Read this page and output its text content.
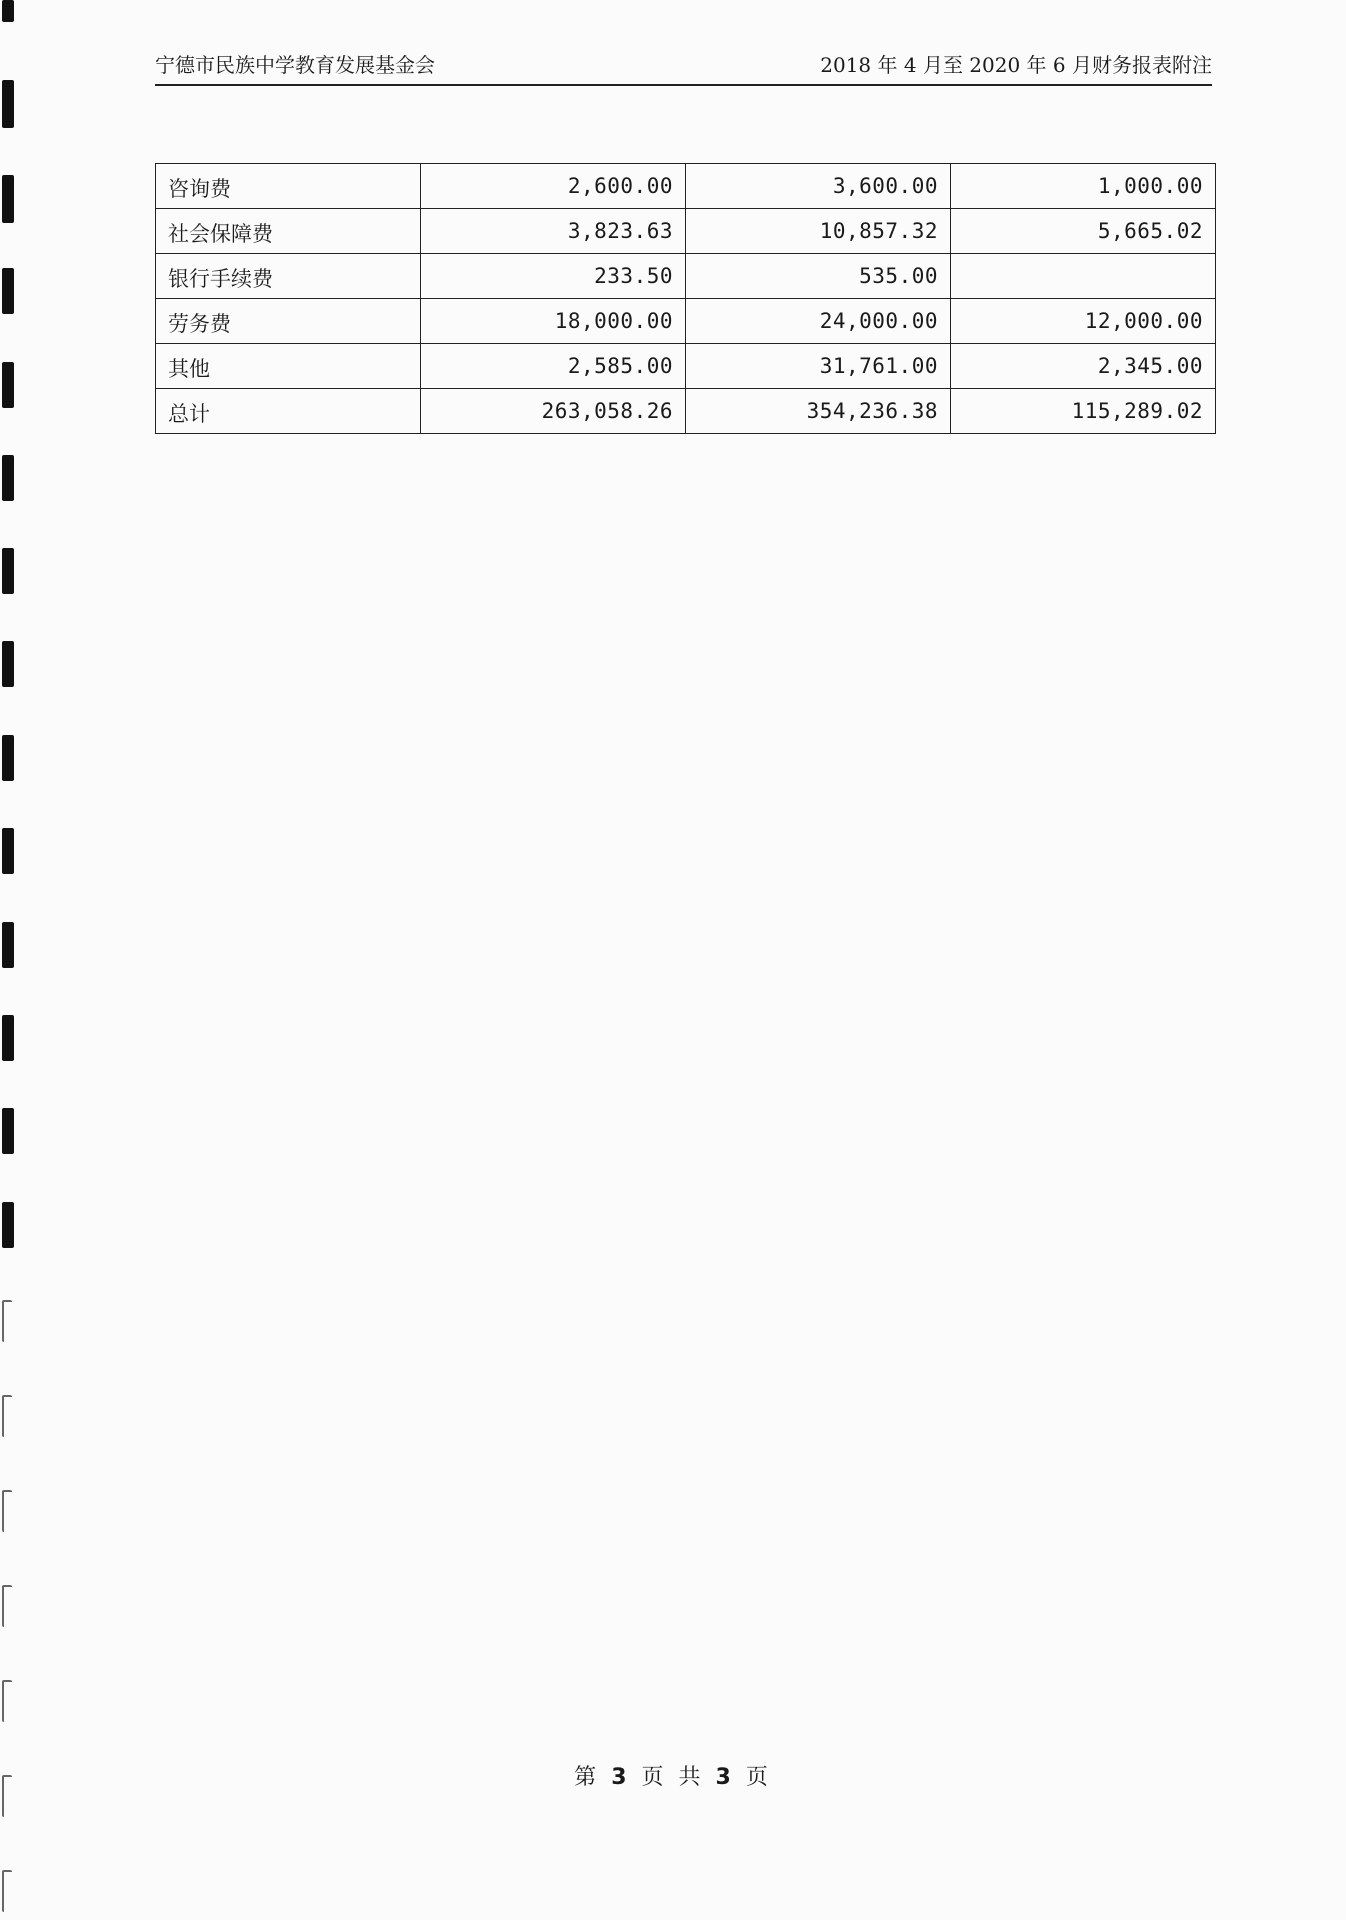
宁德市民族中学教育发展基金会	2018 年 4 月至 2020 年 6 月财务报表附注
咨询费	2,600.00	3,600.00	1,000.00
社会保障费	3,823.63	10,857.32	5,665.02
银行手续费	233.50	535.00	
劳务费	18,000.00	24,000.00	12,000.00
其他	2,585.00	31,761.00	2,345.00
总计	263,058.26	354,236.38	115,289.02
第 3 页 共 3 页
